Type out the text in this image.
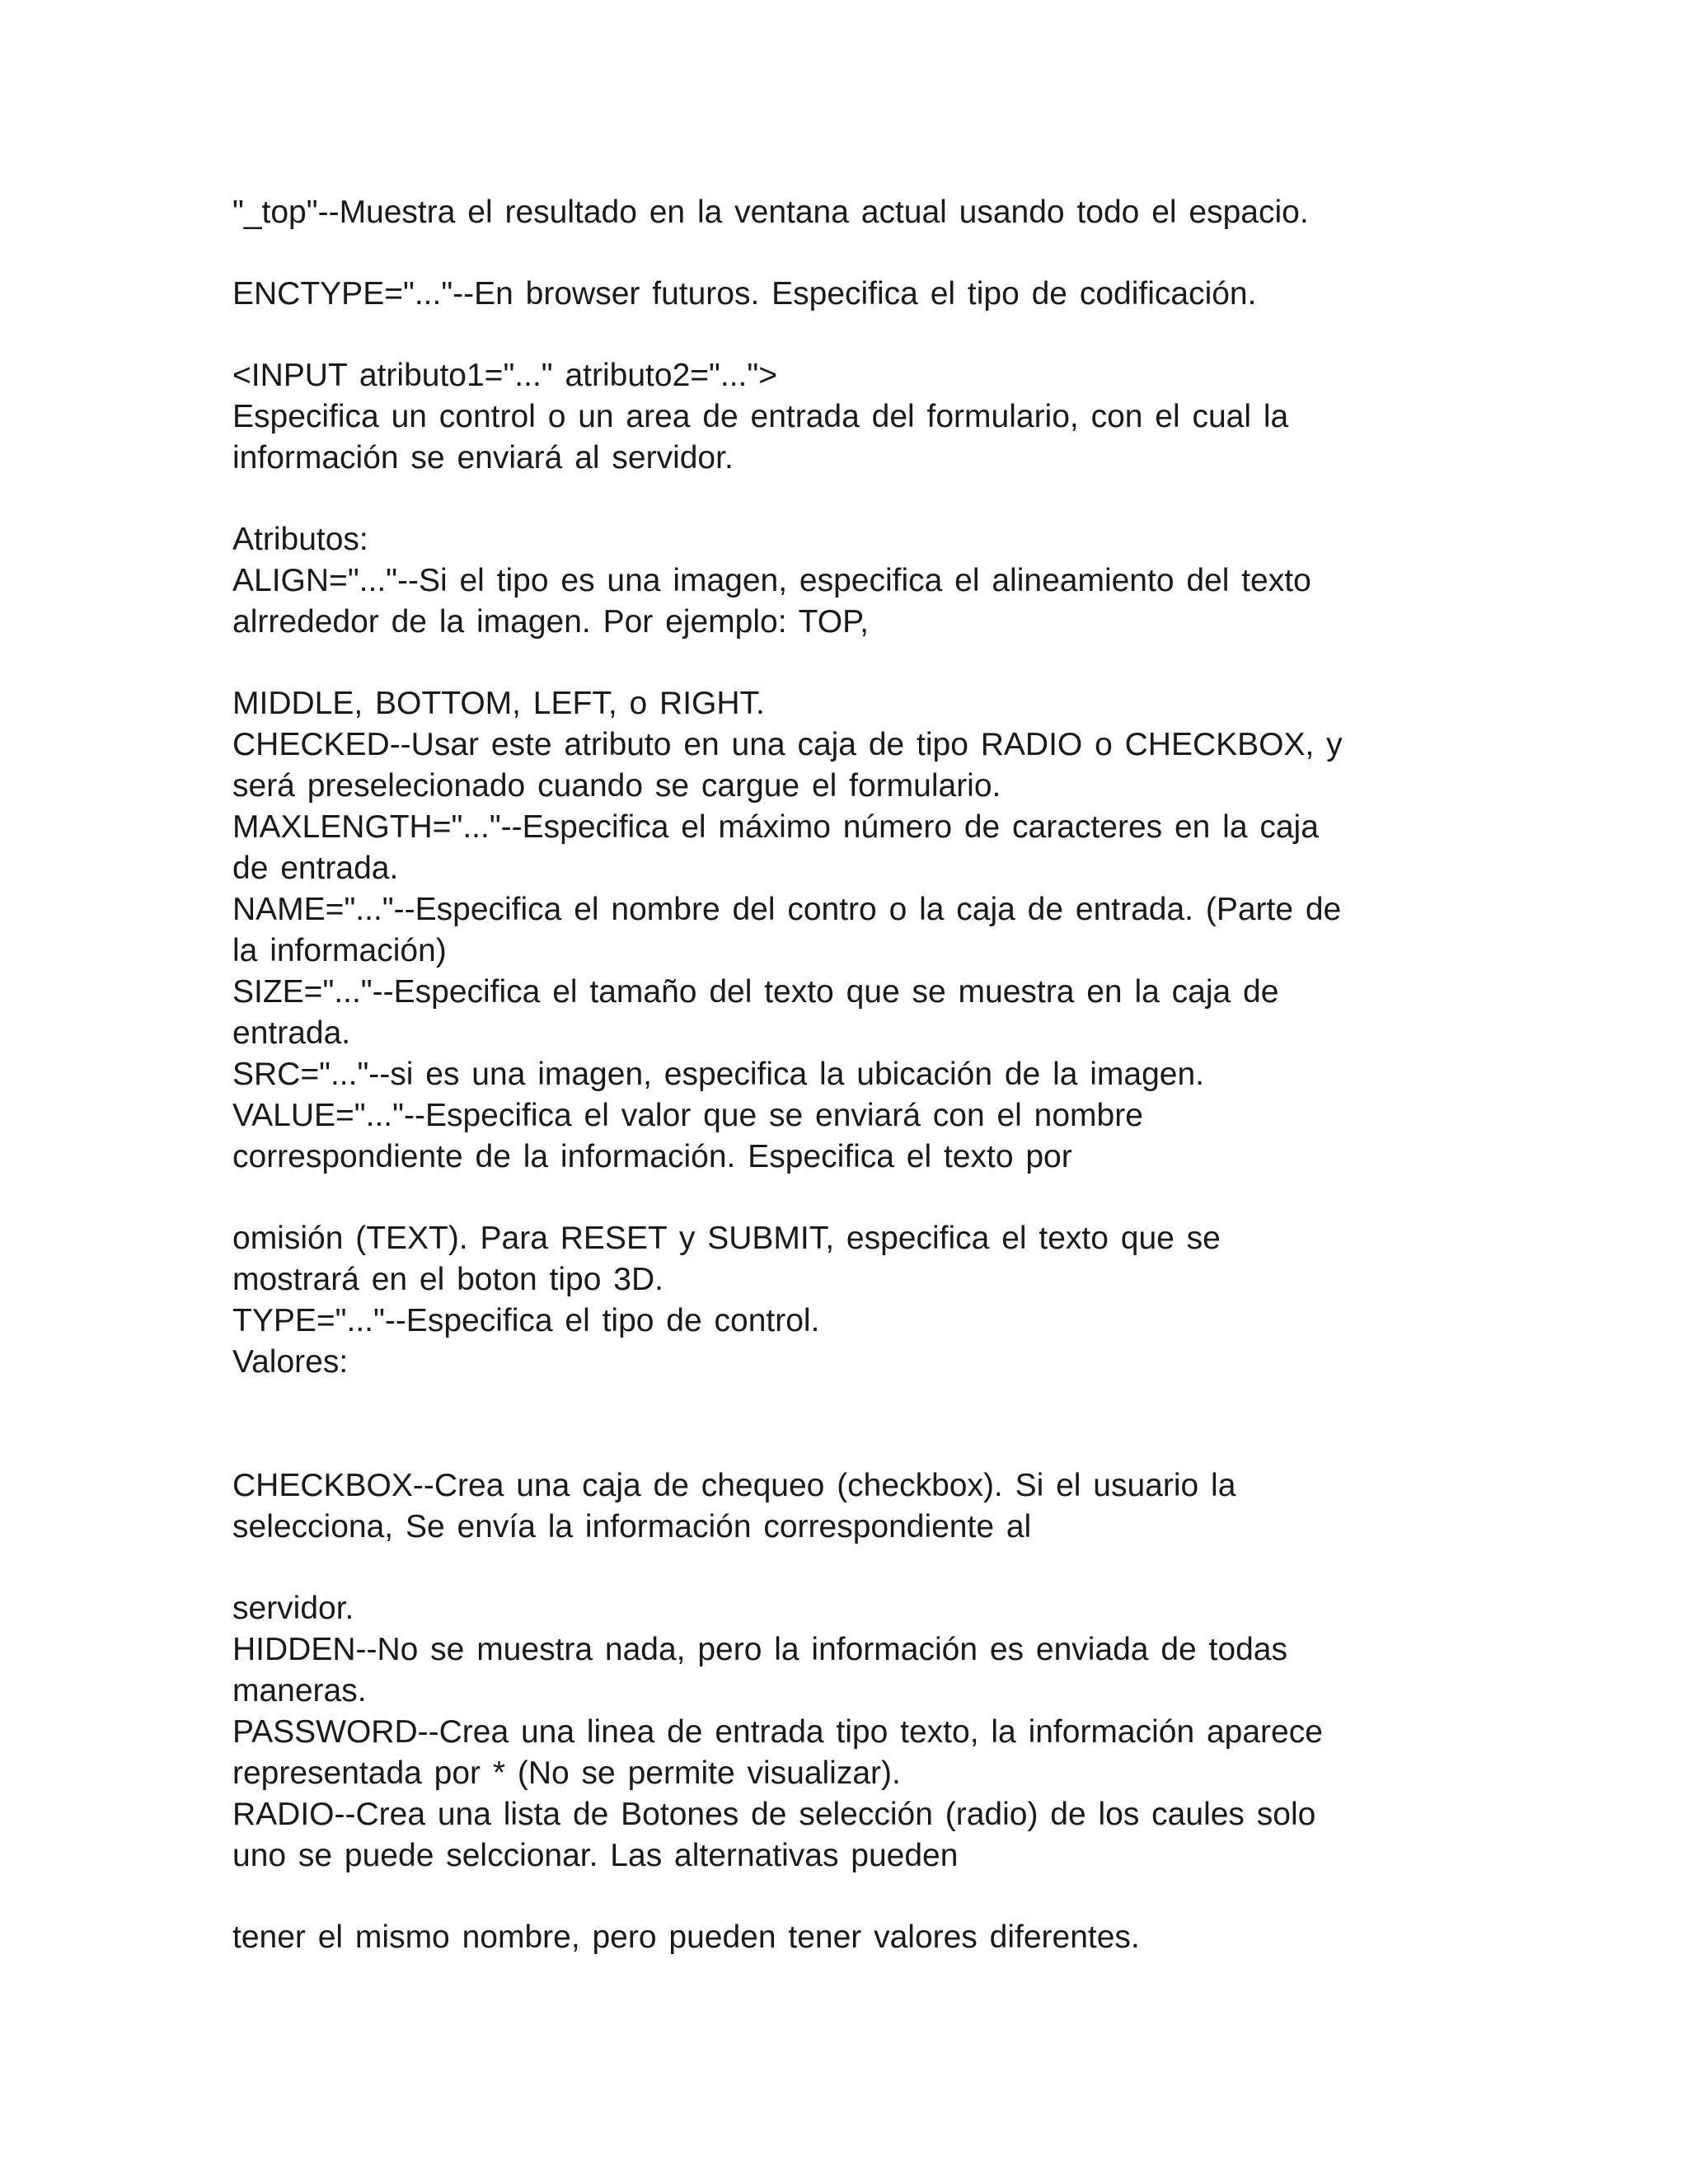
"_top"--Muestra el resultado en la ventana actual usando todo el espacio.

ENCTYPE="..."--En browser futuros. Especifica el tipo de codificación.

<INPUT atributo1="..." atributo2="...">

Especifica un control o un area de entrada del formulario, con el cual la

información se enviará al servidor.

Atributos:

ALIGN="..."--Si el tipo es una imagen, especifica el alineamiento del texto

alrrededor de la imagen. Por ejemplo: TOP,

MIDDLE, BOTTOM, LEFT, o RIGHT.

CHECKED--Usar este atributo en una caja de tipo RADIO o CHECKBOX, y

será preselecionado cuando se cargue el formulario.

MAXLENGTH="..."--Especifica el máximo número de caracteres en la caja

de entrada.

NAME="..."--Especifica el nombre del contro o la caja de entrada. (Parte de

la información)

SIZE="..."--Especifica el tamaño del texto que se muestra en la caja de

entrada.

SRC="..."--si es una imagen, especifica la ubicación de la imagen.

VALUE="..."--Especifica el valor que se enviará con el nombre

correspondiente de la información. Especifica el texto por

omisión (TEXT). Para RESET y SUBMIT, especifica el texto que se

mostrará en el boton tipo 3D.

TYPE="..."--Especifica el tipo de control.

Valores:

CHECKBOX--Crea una caja de chequeo (checkbox). Si el usuario la

selecciona, Se envía la información correspondiente al

servidor.

HIDDEN--No se muestra nada, pero la información es enviada de todas

maneras.

PASSWORD--Crea una linea de entrada tipo texto, la información aparece

representada por * (No se permite visualizar).

RADIO--Crea una lista de Botones de selección (radio) de los caules solo

uno se puede selccionar. Las alternativas pueden

tener el mismo nombre, pero pueden tener valores diferentes.
